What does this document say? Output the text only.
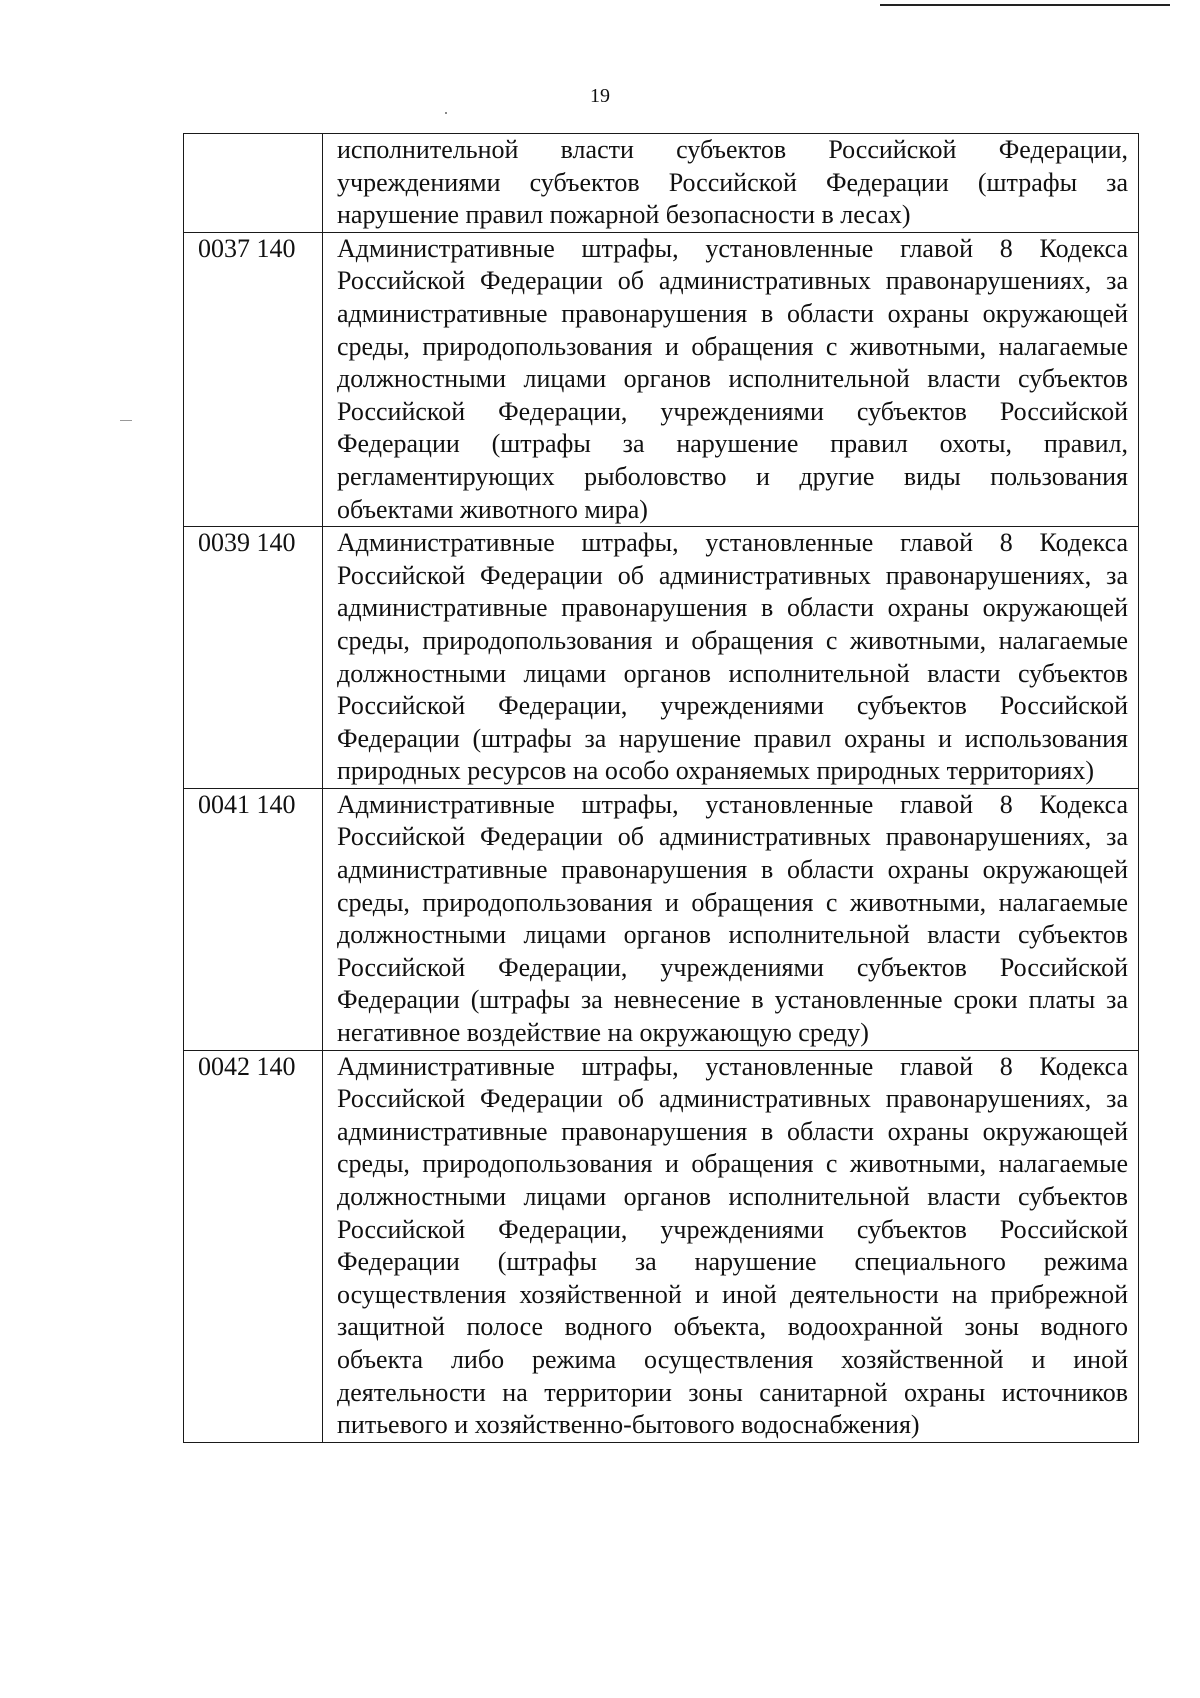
19
	исполнительной власти субъектов Российской Федерации, учреждениями субъектов Российской Федерации (штрафы за нарушение правил пожарной безопасности в лесах)
0037 140	Административные штрафы, установленные главой 8 Кодекса Российской Федерации об административных правонарушениях, за административные правонарушения в области охраны окружающей среды, природопользования и обращения с животными, налагаемые должностными лицами органов исполнительной власти субъектов Российской Федерации, учреждениями субъектов Российской Федерации (штрафы за нарушение правил охоты, правил, регламентирующих рыболовство и другие виды пользования объектами животного мира)
0039 140	Административные штрафы, установленные главой 8 Кодекса Российской Федерации об административных правонарушениях, за административные правонарушения в области охраны окружающей среды, природопользования и обращения с животными, налагаемые должностными лицами органов исполнительной власти субъектов Российской Федерации, учреждениями субъектов Российской Федерации (штрафы за нарушение правил охраны и использования природных ресурсов на особо охраняемых природных территориях)
0041 140	Административные штрафы, установленные главой 8 Кодекса Российской Федерации об административных правонарушениях, за административные правонарушения в области охраны окружающей среды, природопользования и обращения с животными, налагаемые должностными лицами органов исполнительной власти субъектов Российской Федерации, учреждениями субъектов Российской Федерации (штрафы за невнесение в установленные сроки платы за негативное воздействие на окружающую среду)
0042 140	Административные штрафы, установленные главой 8 Кодекса Российской Федерации об административных правонарушениях, за административные правонарушения в области охраны окружающей среды, природопользования и обращения с животными, налагаемые должностными лицами органов исполнительной власти субъектов Российской Федерации, учреждениями субъектов Российской Федерации (штрафы за нарушение специального режима осуществления хозяйственной и иной деятельности на прибрежной защитной полосе водного объекта, водоохранной зоны водного объекта либо режима осуществления хозяйственной и иной деятельности на территории зоны санитарной охраны источников питьевого и хозяйственно-бытового водоснабжения)
